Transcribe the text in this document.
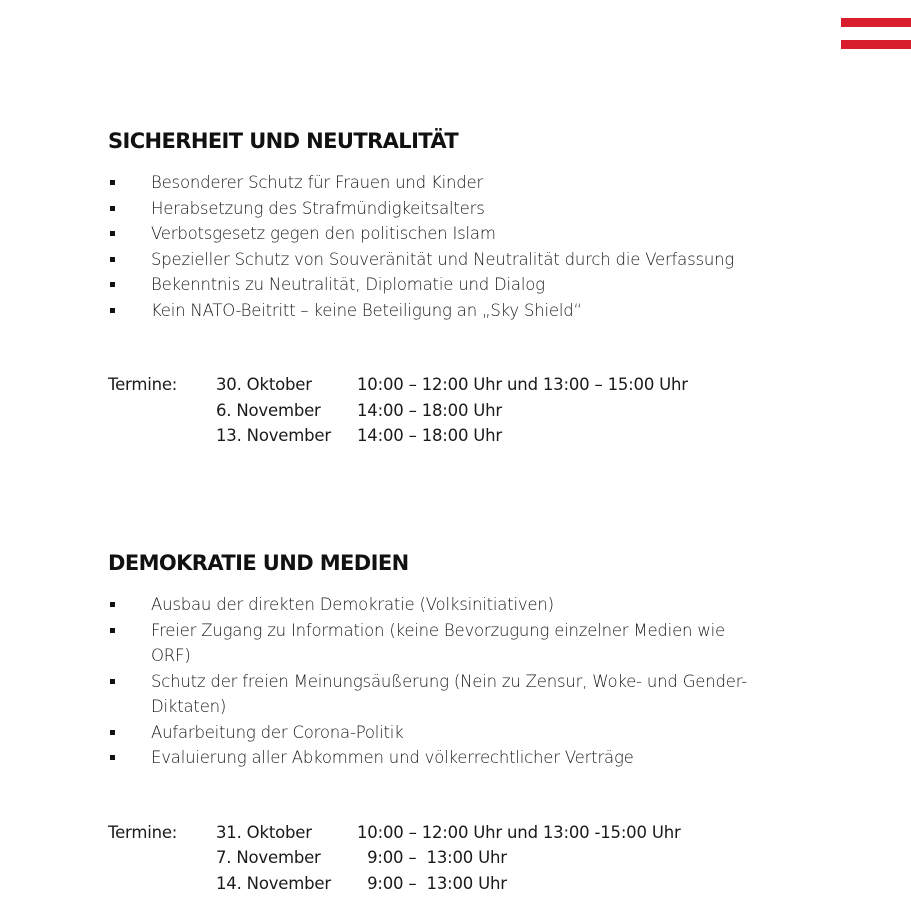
SICHERHEIT UND NEUTRALITÄT
Besonderer Schutz für Frauen und Kinder
Herabsetzung des Strafmündigkeitsalters
Verbotsgesetz gegen den politischen Islam
Spezieller Schutz von Souveränität und Neutralität durch die Verfassung
Bekenntnis zu Neutralität, Diplomatie und Dialog
Kein NATO-Beitritt – keine Beteiligung an „Sky Shield“
Termine: 30. Oktober	10:00 – 12:00 Uhr und 13:00 – 15:00 Uhr
6. November 14:00 – 18:00 Uhr
13. November 14:00 – 18:00 Uhr
DEMOKRATIE UND MEDIEN
Ausbau der direkten Demokratie (Volksinitiativen)
Freier Zugang zu Information (keine Bevorzugung einzelner Medien wie ORF)
Schutz der freien Meinungsäußerung (Nein zu Zensur, Woke- und Gender-Diktaten)
Aufarbeitung der Corona-Politik
Evaluierung aller Abkommen und völkerrechtlicher Verträge
Termine: 31. Oktober	10:00 – 12:00 Uhr und 13:00 -15:00 Uhr
7. November 9:00 –  13:00 Uhr
14. November 9:00 –  13:00 Uhr
